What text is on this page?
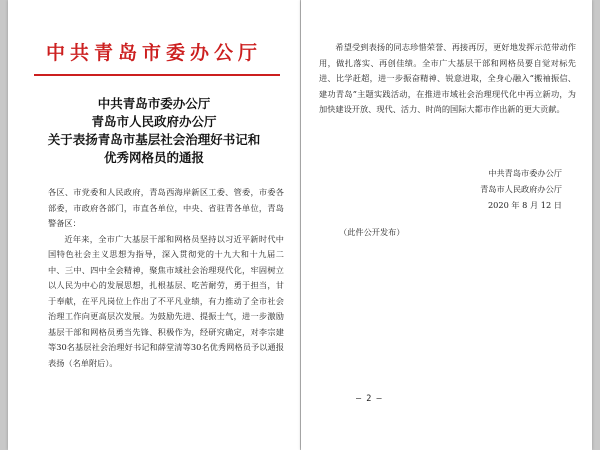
中共青岛市委办公厅
中共青岛市委办公厅
青岛市人民政府办公厅
关于表扬青岛市基层社会治理好书记和
优秀网格员的通报

各区、市党委和人民政府，青岛西海岸新区工委、管委，市委各部委，市政府各部门，市直各单位，中央、省驻青各单位，青岛警备区：

近年来，全市广大基层干部和网格员坚持以习近平新时代中国特色社会主义思想为指导，深入贯彻党的十九大和十九届二中、三中、四中全会精神，聚焦市域社会治理现代化，牢固树立以人民为中心的发展思想，扎根基层、吃苦耐劳，勇于担当，甘于奉献，在平凡岗位上作出了不平凡业绩，有力推动了全市社会治理工作向更高层次发展。为鼓励先进、提振士气，进一步激励基层干部和网格员勇当先锋、积极作为，经研究确定，对李宗建等30名基层社会治理好书记和薛堂清等30名优秀网格员予以通报表扬（名单附后）。

希望受到表扬的同志珍惜荣誉、再接再厉，更好地发挥示范带动作用，做扎落实、再创佳绩。全市广大基层干部和网格员要自觉对标先进、比学赶超，进一步振奋精神、锐意进取，全身心融入“搬袖振信、建功青岛”主题实践活动，在推进市域社会治理现代化中再立新功，为加快建设开放、现代、活力、时尚的国际大都市作出新的更大贡献。

中共青岛市委办公厅
青岛市人民政府办公厅
2020 年 8 月 12 日
（此件公开发布）
— 2 —
